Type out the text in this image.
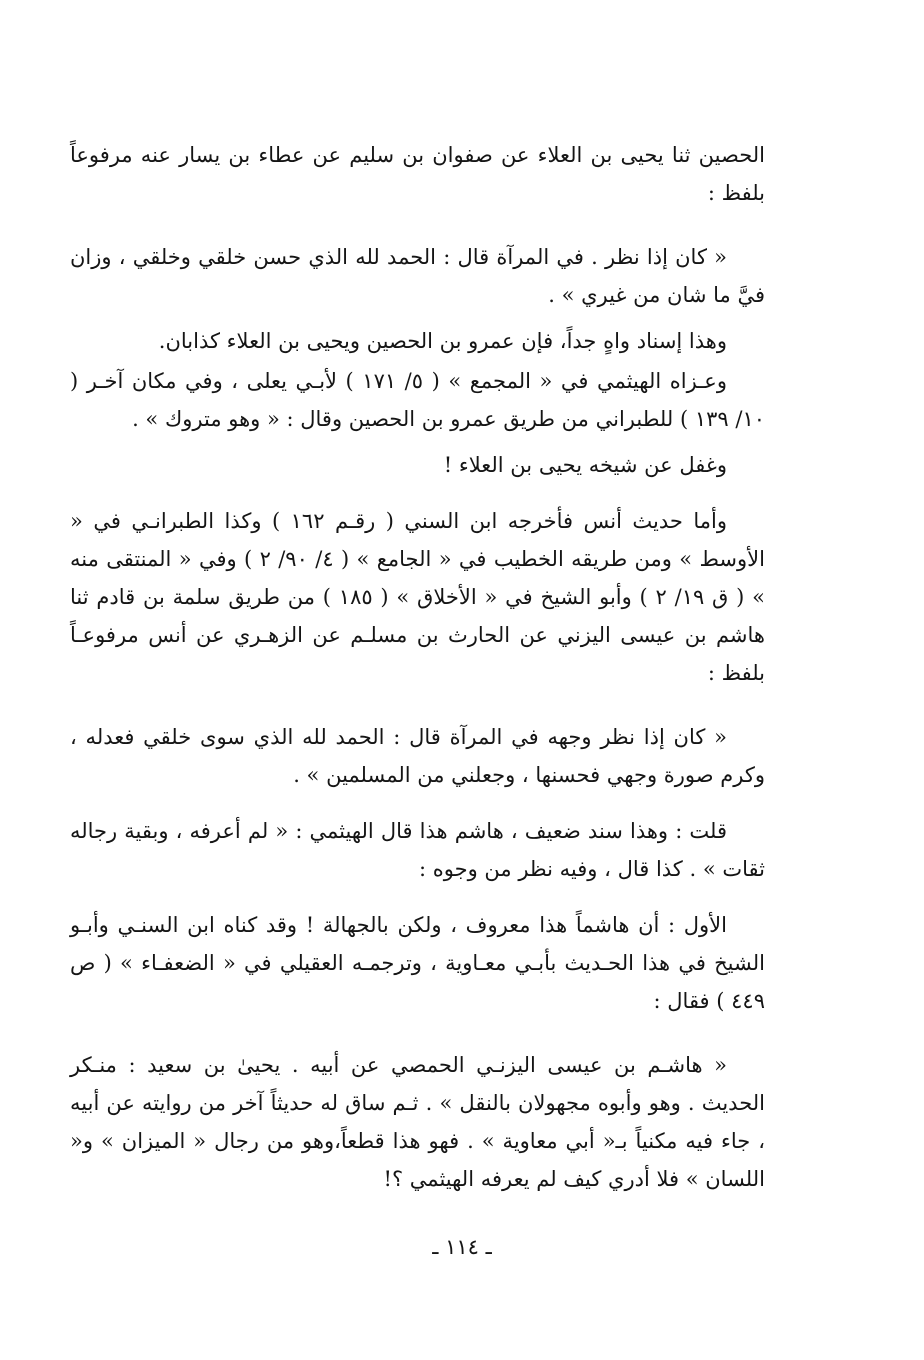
الحصين ثنا يحيى بن العلاء عن صفوان بن سليم عن عطاء بن يسار عنه مرفوعاً بلفظ :

« كان إذا نظر . في المرآة قال : الحمد لله الذي حسن خلقي وخلقي ، وزان فيَّ ما شان من غيري » .

وهذا إسناد واهٍ جداً، فإن عمرو بن الحصين ويحيى بن العلاء كذابان.

وعـزاه الهيثمي في « المجمع » ( ٥/ ١٧١ ) لأبـي يعلى ، وفي مكان آخـر ( ١٠/ ١٣٩ ) للطبراني من طريق عمرو بن الحصين وقال : « وهو متروك » .

وغفل عن شيخه يحيى بن العلاء !

وأما حديث أنس فأخرجه ابن السني ( رقـم ١٦٢ ) وكذا الطبرانـي في « الأوسط » ومن طريقه الخطيب في « الجامع » ( ٤/ ٩٠/ ٢ ) وفي « المنتقى منه » ( ق ١٩/ ٢ ) وأبو الشيخ في « الأخلاق » ( ١٨٥ ) من طريق سلمة بن قادم ثنا هاشم بن عيسى اليزني عن الحارث بن مسلـم عن الزهـري عن أنس مرفوعـاً بلفظ :

« كان إذا نظر وجهه في المرآة قال : الحمد لله الذي سوى خلقي فعدله ، وكرم صورة وجهي فحسنها ، وجعلني من المسلمين » .

قلت : وهذا سند ضعيف ، هاشم هذا قال الهيثمي : « لم أعرفه ، وبقية رجاله ثقات » . كذا قال ، وفيه نظر من وجوه :

الأول : أن هاشماً هذا معروف ، ولكن بالجهالة ! وقد كناه ابن السنـي وأبـو الشيخ في هذا الحـديث بأبـي معـاوية ، وترجمـه العقيلي في « الضعفـاء » ( ص ٤٤٩ ) فقال :

« هاشـم بن عيسى اليزنـي الحمصي عن أبيه . يحيىٰ بن سعيد : منـكر الحديث . وهو وأبوه مجهولان بالنقل » . ثـم ساق له حديثاً آخر من روايته عن أبيه ، جاء فيه مكنياً بـ« أبي معاوية » . فهو هذا قطعاً،وهو من رجال « الميزان » و« اللسان » فلا أدري كيف لم يعرفه الهيثمي ؟!

ـ ١١٤ ـ
